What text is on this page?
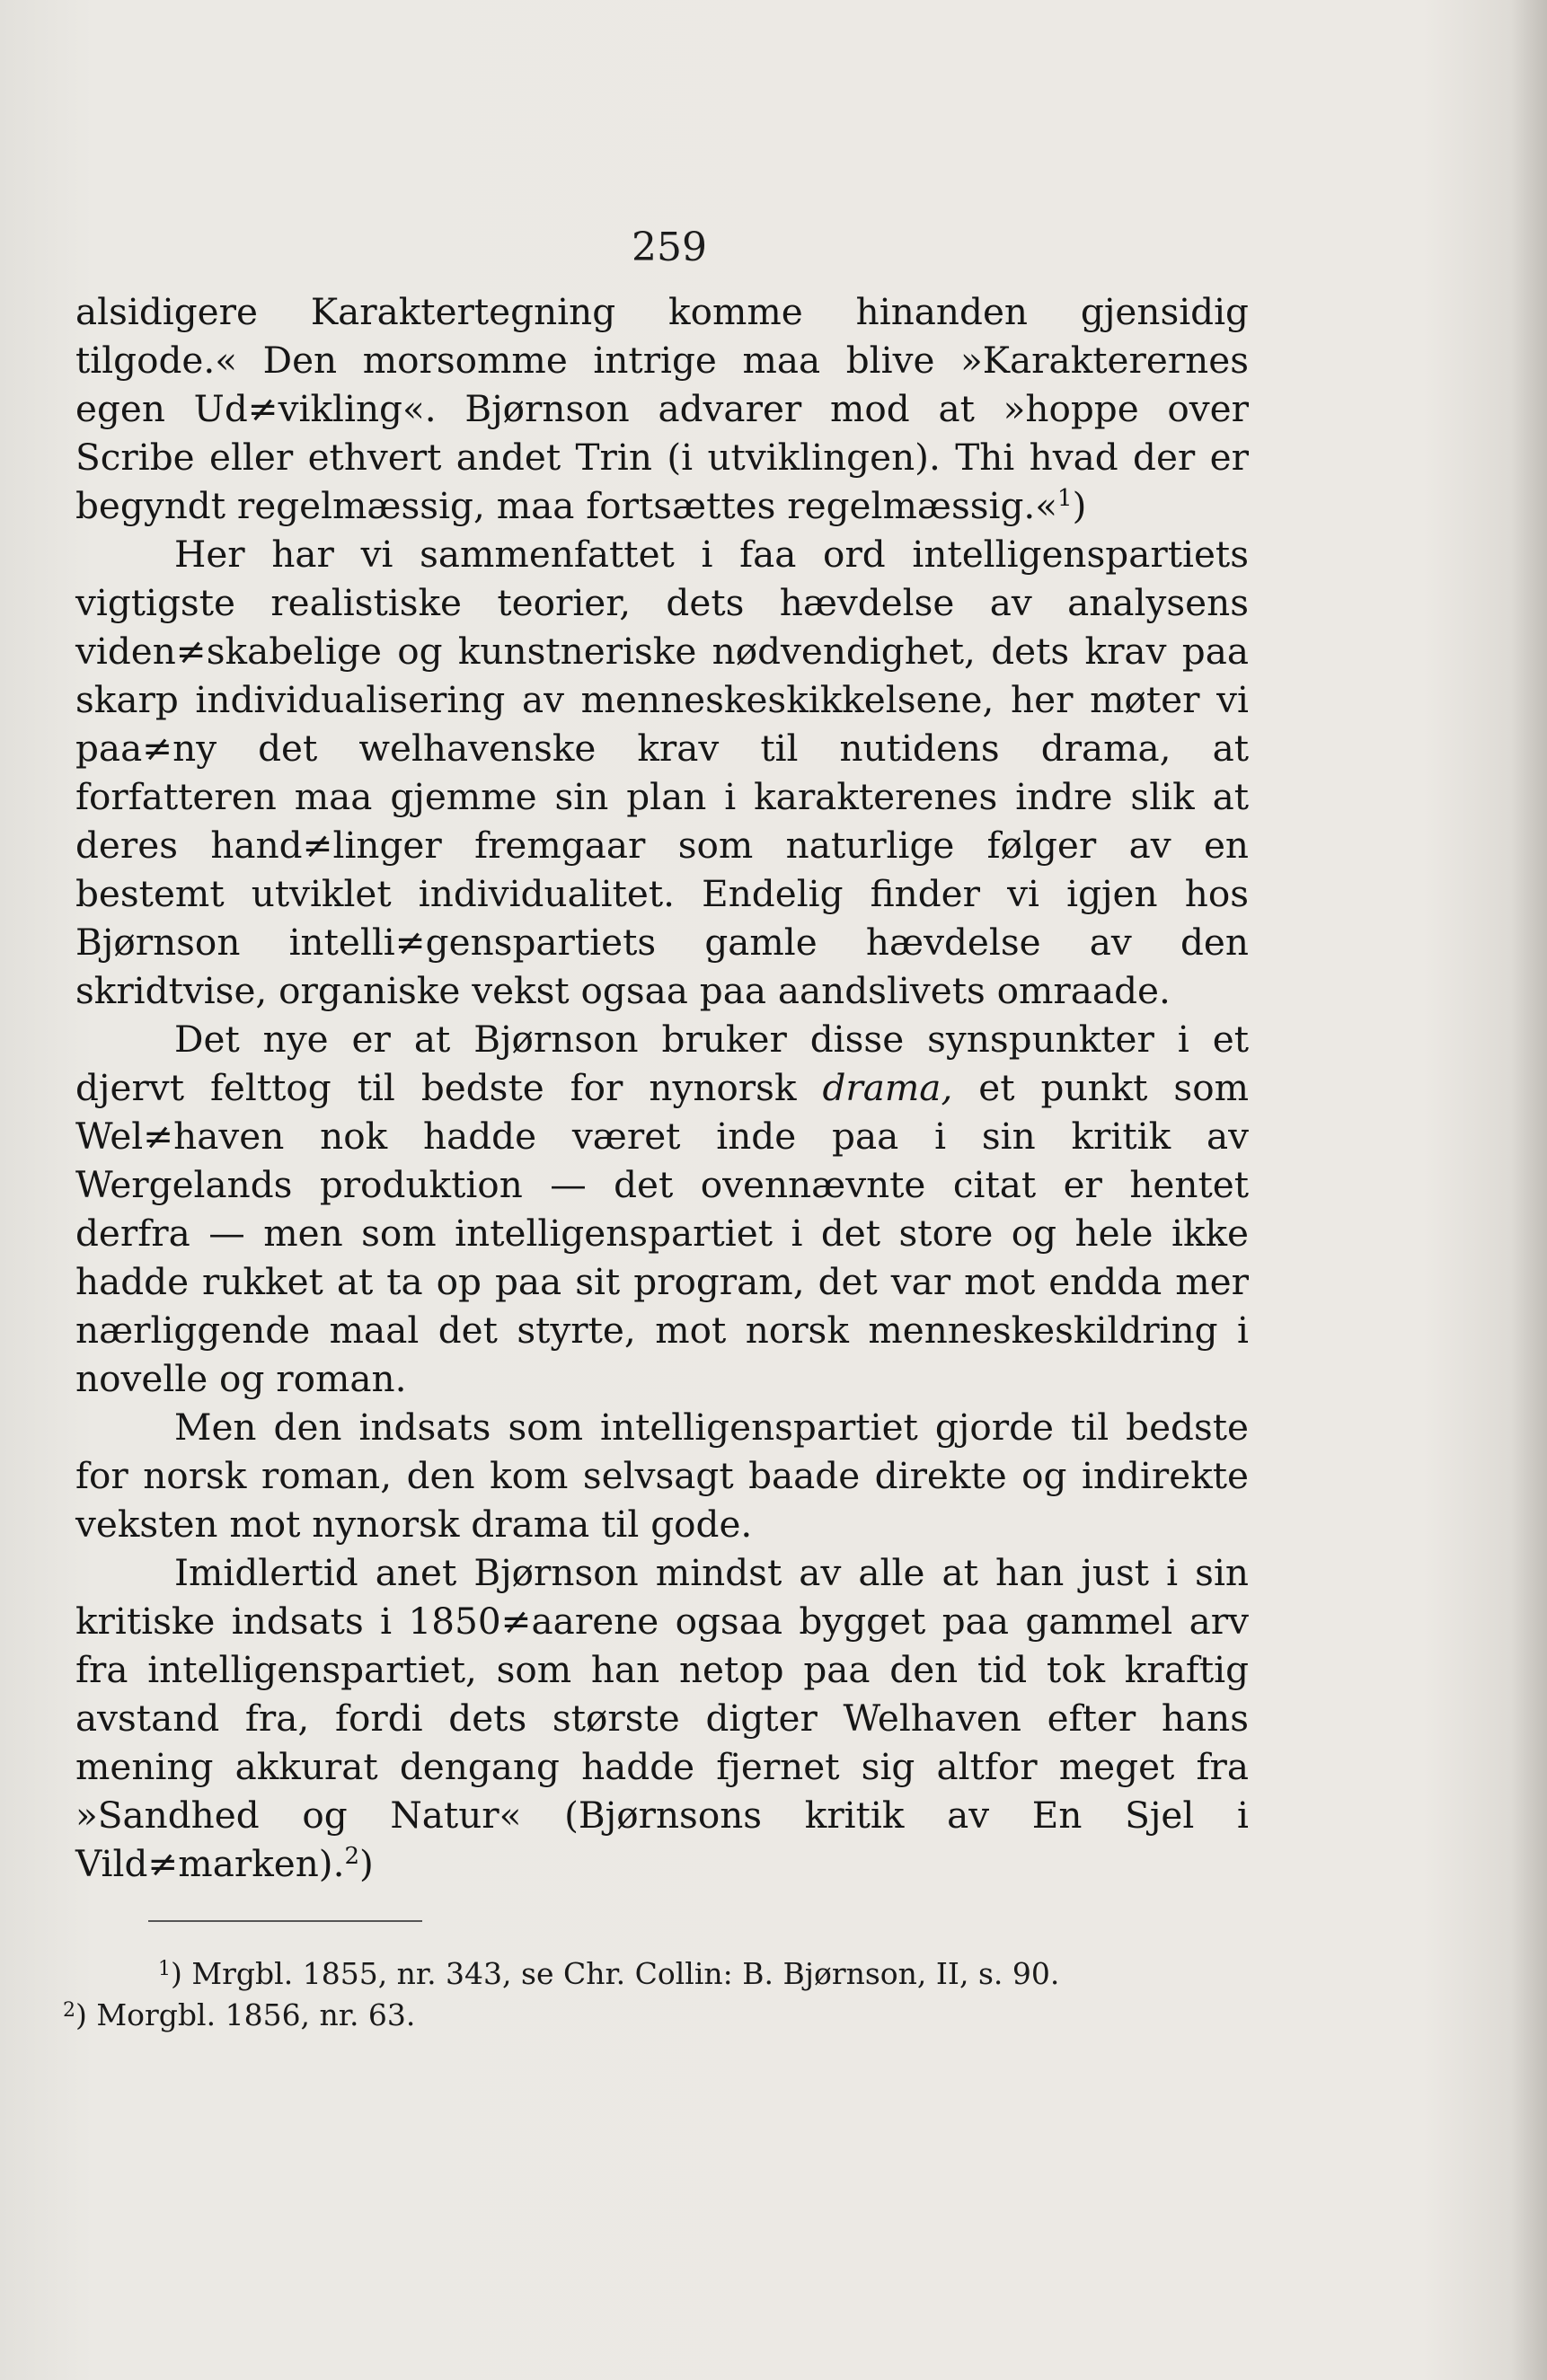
259

alsidigere Karaktertegning komme hinanden gjensidig tilgode.« Den morsomme intrige maa blive »Karakterernes egen Ud≠vikling«. Bjørnson advarer mod at »hoppe over Scribe eller ethvert andet Trin (i utviklingen). Thi hvad der er begyndt regelmæssig, maa fortsættes regelmæssig.«$^1$)

Her har vi sammenfattet i faa ord intelligenspartiets vigtigste realistiske teorier, dets hævdelse av analysens viden≠skabelige og kunstneriske nødvendighet, dets krav paa skarp individualisering av menneskeskikkelsene, her møter vi paa≠ny det welhavenske krav til nutidens drama, at forfatteren maa gjemme sin plan i karakterenes indre slik at deres hand≠linger fremgaar som naturlige følger av en bestemt utviklet individualitet. Endelig finder vi igjen hos Bjørnson intelli≠genspartiets gamle hævdelse av den skridtvise, organiske vekst ogsaa paa aandslivets omraade.

Det nye er at Bjørnson bruker disse synspunkter i et djervt felttog til bedste for nynorsk drama, et punkt som Wel≠haven nok hadde været inde paa i sin kritik av Wergelands produktion — det ovennævnte citat er hentet derfra — men som intelligenspartiet i det store og hele ikke hadde rukket at ta op paa sit program, det var mot endda mer nærliggende maal det styrte, mot norsk menneskeskildring i novelle og roman.

Men den indsats som intelligenspartiet gjorde til bedste for norsk roman, den kom selvsagt baade direkte og indirekte veksten mot nynorsk drama til gode.

Imidlertid anet Bjørnson mindst av alle at han just i sin kritiske indsats i 1850≠aarene ogsaa bygget paa gammel arv fra intelligenspartiet, som han netop paa den tid tok kraftig avstand fra, fordi dets største digter Welhaven efter hans mening akkurat dengang hadde fjernet sig altfor meget fra »Sandhed og Natur« (Bjørnsons kritik av En Sjel i Vild≠marken).$^2$)

$^1$) Mrgbl. 1855, nr. 343, se Chr. Collin: B. Bjørnson, II, s. 90.

$^2$) Morgbl. 1856, nr. 63.
